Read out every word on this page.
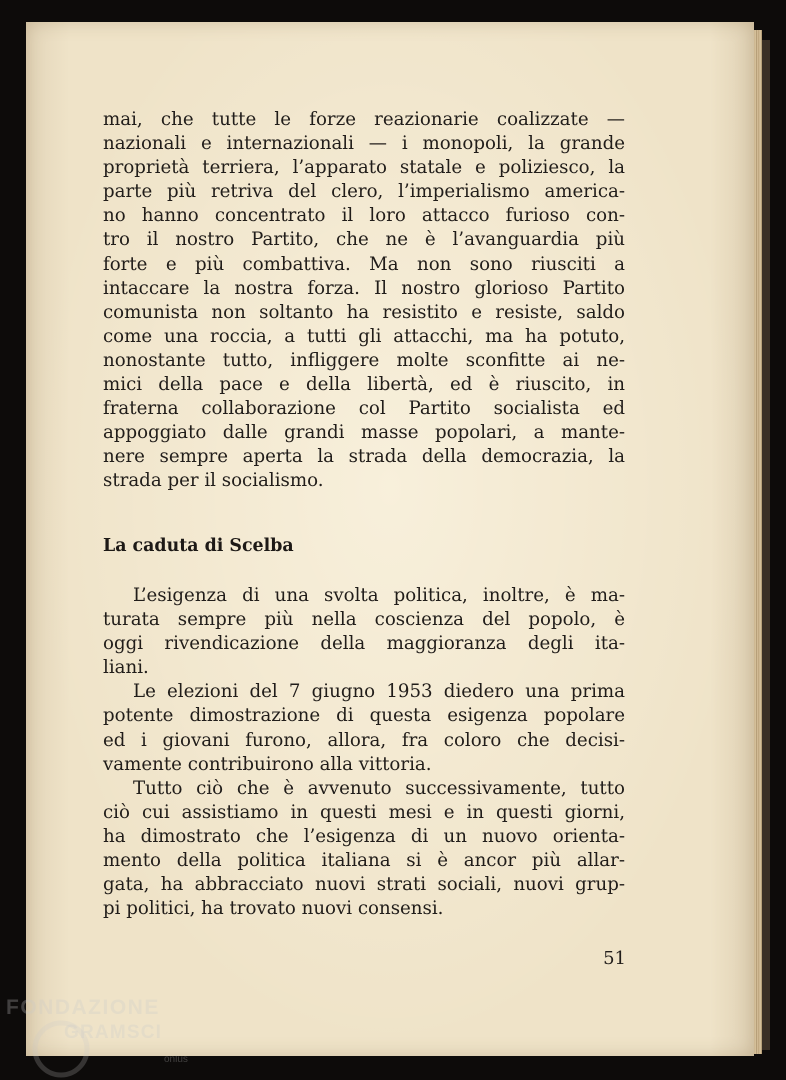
mai, che tutte le forze reazionarie coalizzate —
nazionali e internazionali — i monopoli, la grande
proprietà terriera, l’apparato statale e poliziesco, la
parte più retriva del clero, l’imperialismo america-
no hanno concentrato il loro attacco furioso con-
tro il nostro Partito, che ne è l’avanguardia più
forte e più combattiva. Ma non sono riusciti a
intaccare la nostra forza. Il nostro glorioso Partito
comunista non soltanto ha resistito e resiste, saldo
come una roccia, a tutti gli attacchi, ma ha potuto,
nonostante tutto, infliggere molte sconfitte ai ne-
mici della pace e della libertà, ed è riuscito, in
fraterna collaborazione col Partito socialista ed
appoggiato dalle grandi masse popolari, a mante-
nere sempre aperta la strada della democrazia, la
strada per il socialismo.
La caduta di Scelba
L’esigenza di una svolta politica, inoltre, è ma-
turata sempre più nella coscienza del popolo, è
oggi rivendicazione della maggioranza degli ita-
liani.
Le elezioni del 7 giugno 1953 diedero una prima
potente dimostrazione di questa esigenza popolare
ed i giovani furono, allora, fra coloro che decisi-
vamente contribuirono alla vittoria.
Tutto ciò che è avvenuto successivamente, tutto
ciò cui assistiamo in questi mesi e in questi giorni,
ha dimostrato che l’esigenza di un nuovo orienta-
mento della politica italiana si è ancor più allar-
gata, ha abbracciato nuovi strati sociali, nuovi grup-
pi politici, ha trovato nuovi consensi.
51
FONDAZIONE
GRAMSCI
onlus
